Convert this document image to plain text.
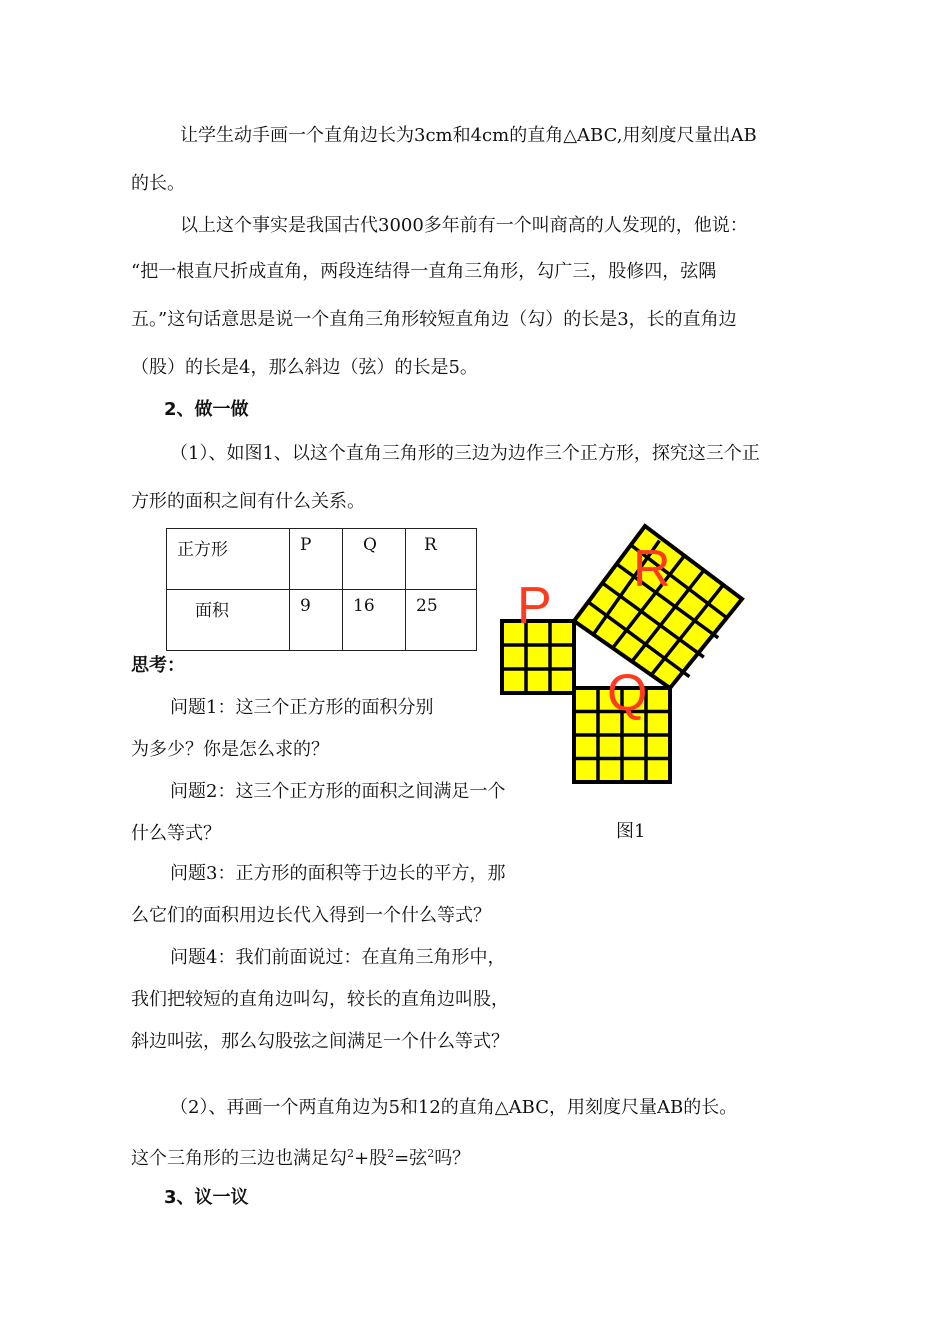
让学生动手画一个直角边长为3cm和4cm的直角△ABC,用刻度尺量出AB
的长。
以上这个事实是我国古代3000多年前有一个叫商高的人发现的，他说：
“把一根直尺折成直角，两段连结得一直角三角形，勾广三，股修四，弦隅
五。”这句话意思是说一个直角三角形较短直角边（勾）的长是3，长的直角边
（股）的长是4，那么斜边（弦）的长是5。
2、做一做
（1）、如图1、以这个直角三角形的三边为边作三个正方形，探究这三个正
方形的面积之间有什么关系。
正方形	P	Q	R
面积	9	16	25
思考：
问题1：这三个正方形的面积分别
为多少？你是怎么求的？
问题2：这三个正方形的面积之间满足一个
什么等式？
问题3：正方形的面积等于边长的平方，那
么它们的面积用边长代入得到一个什么等式？
问题4：我们前面说过：在直角三角形中，
我们把较短的直角边叫勾，较长的直角边叫股，
斜边叫弦，那么勾股弦之间满足一个什么等式？
P
Q
R
图1
（2）、再画一个两直角边为5和12的直角△ABC，用刻度尺量AB的长。
这个三角形的三边也满足勾$^2$+股$^2$=弦$^2$吗？
3、议一议
